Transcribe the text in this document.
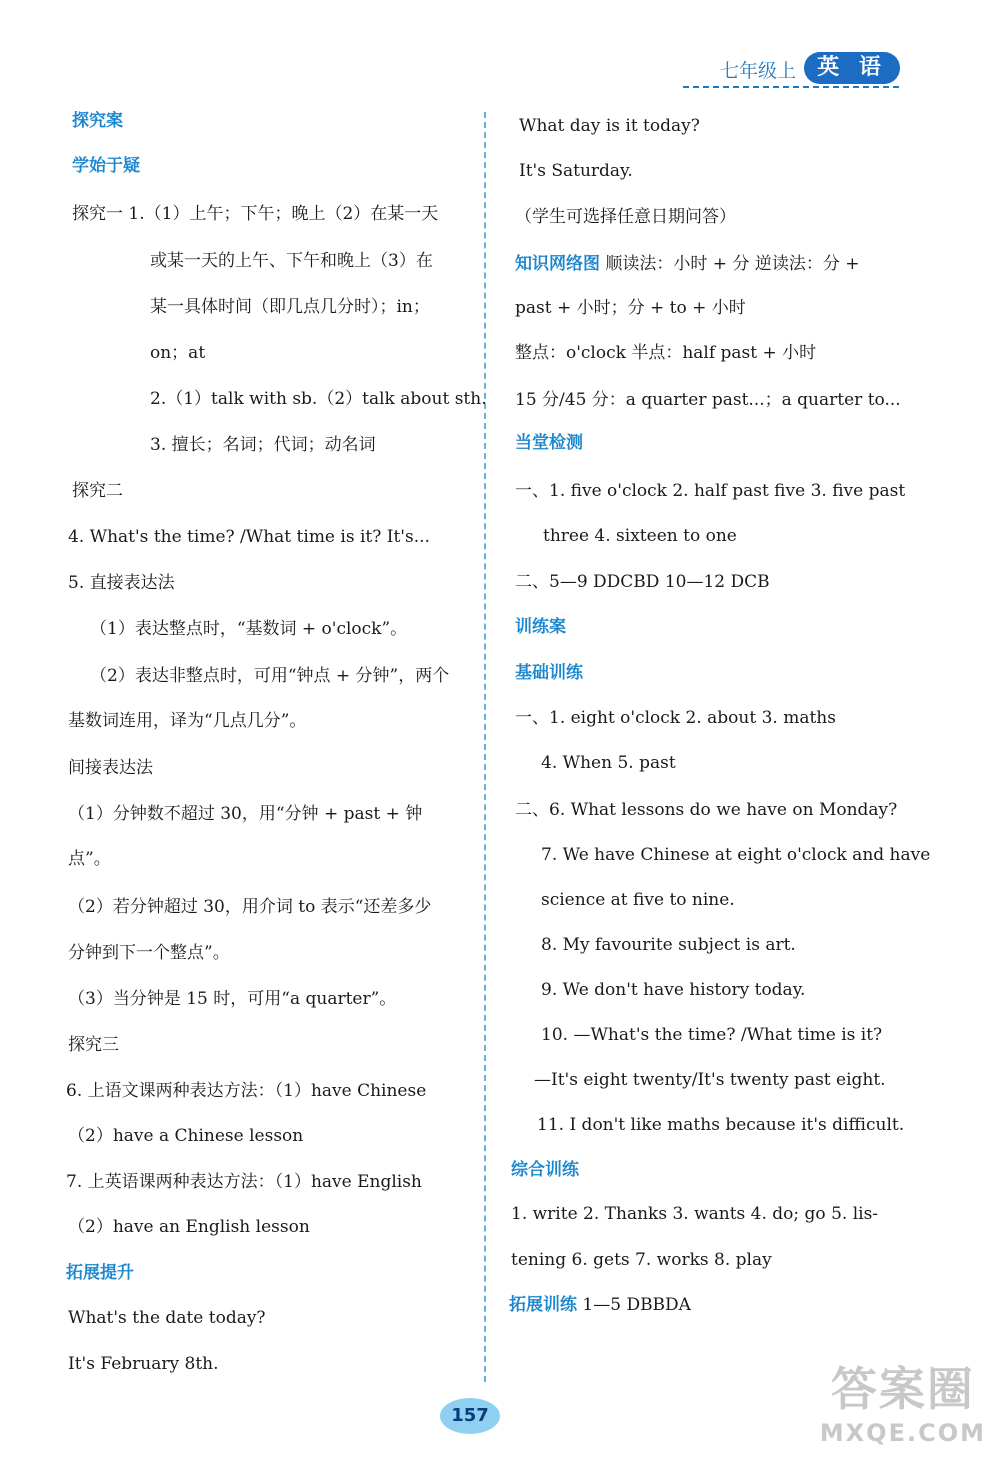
七年级上 英 语
探究案
学始于疑
探究一 1.（1）上午；下午；晚上（2）在某一天
或某一天的上午、下午和晚上（3）在
某一具体时间（即几点几分时）；in；
on；at
2.（1）talk with sb.（2）talk about sth.
3. 擅长；名词；代词；动名词
探究二
4. What's the time? /What time is it? It's...
5. 直接表达法
（1）表达整点时，“基数词 + o'clock”。
（2）表达非整点时，可用“钟点 + 分钟”，两个
基数词连用，译为“几点几分”。
间接表达法
（1）分钟数不超过 30，用“分钟 + past + 钟
点”。
（2）若分钟超过 30，用介词 to 表示“还差多少
分钟到下一个整点”。
（3）当分钟是 15 时，可用“a quarter”。
探究三
6. 上语文课两种表达方法：（1）have Chinese
（2）have a Chinese lesson
7. 上英语课两种表达方法：（1）have English
（2）have an English lesson
拓展提升
What's the date today?
It's February 8th.
What day is it today?
It's Saturday.
（学生可选择任意日期问答）
知识网络图 顺读法：小时 + 分 逆读法：分 +
past + 小时；分 + to + 小时
整点：o'clock 半点：half past + 小时
15 分/45 分：a quarter past...；a quarter to...
当堂检测
一、1. five o'clock 2. half past five 3. five past
three 4. sixteen to one
二、5—9 DDCBD 10—12 DCB
训练案
基础训练
一、1. eight o'clock 2. about 3. maths
4. When 5. past
二、6. What lessons do we have on Monday?
7. We have Chinese at eight o'clock and have
science at five to nine.
8. My favourite subject is art.
9. We don't have history today.
10. —What's the time? /What time is it?
—It's eight twenty/It's twenty past eight.
11. I don't like maths because it's difficult.
综合训练
1. write 2. Thanks 3. wants 4. do; go 5. lis-
tening 6. gets 7. works 8. play
拓展训练 1—5 DBBDA
157	答案圈
MXQE.COM
